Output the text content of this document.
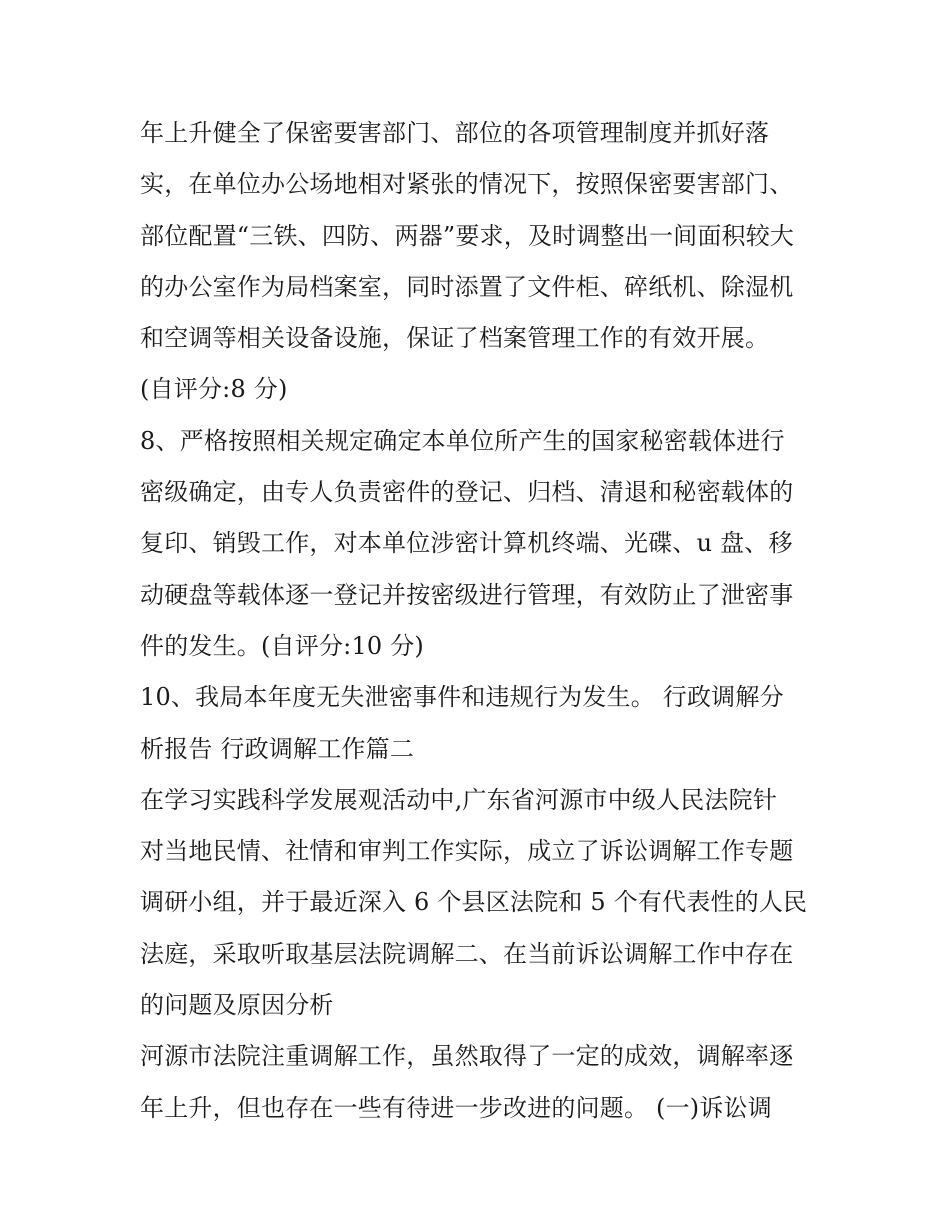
年上升健全了保密要害部门、部位的各项管理制度并抓好落
实，在单位办公场地相对紧张的情况下，按照保密要害部门、
部位配置“三铁、四防、两器”要求，及时调整出一间面积较大
的办公室作为局档案室，同时添置了文件柜、碎纸机、除湿机
和空调等相关设备设施，保证了档案管理工作的有效开展。
(自评分:8 分)
8、严格按照相关规定确定本单位所产生的国家秘密载体进行
密级确定，由专人负责密件的登记、归档、清退和秘密载体的
复印、销毁工作，对本单位涉密计算机终端、光碟、u 盘、移
动硬盘等载体逐一登记并按密级进行管理，有效防止了泄密事
件的发生。(自评分:10 分)
10、我局本年度无失泄密事件和违规行为发生。 行政调解分
析报告 行政调解工作篇二
在学习实践科学发展观活动中,广东省河源市中级人民法院针
对当地民情、社情和审判工作实际，成立了诉讼调解工作专题
调研小组，并于最近深入 6 个县区法院和 5 个有代表性的人民
法庭，采取听取基层法院调解二、在当前诉讼调解工作中存在
的问题及原因分析
河源市法院注重调解工作，虽然取得了一定的成效，调解率逐
年上升，但也存在一些有待进一步改进的问题。 (一)诉讼调
